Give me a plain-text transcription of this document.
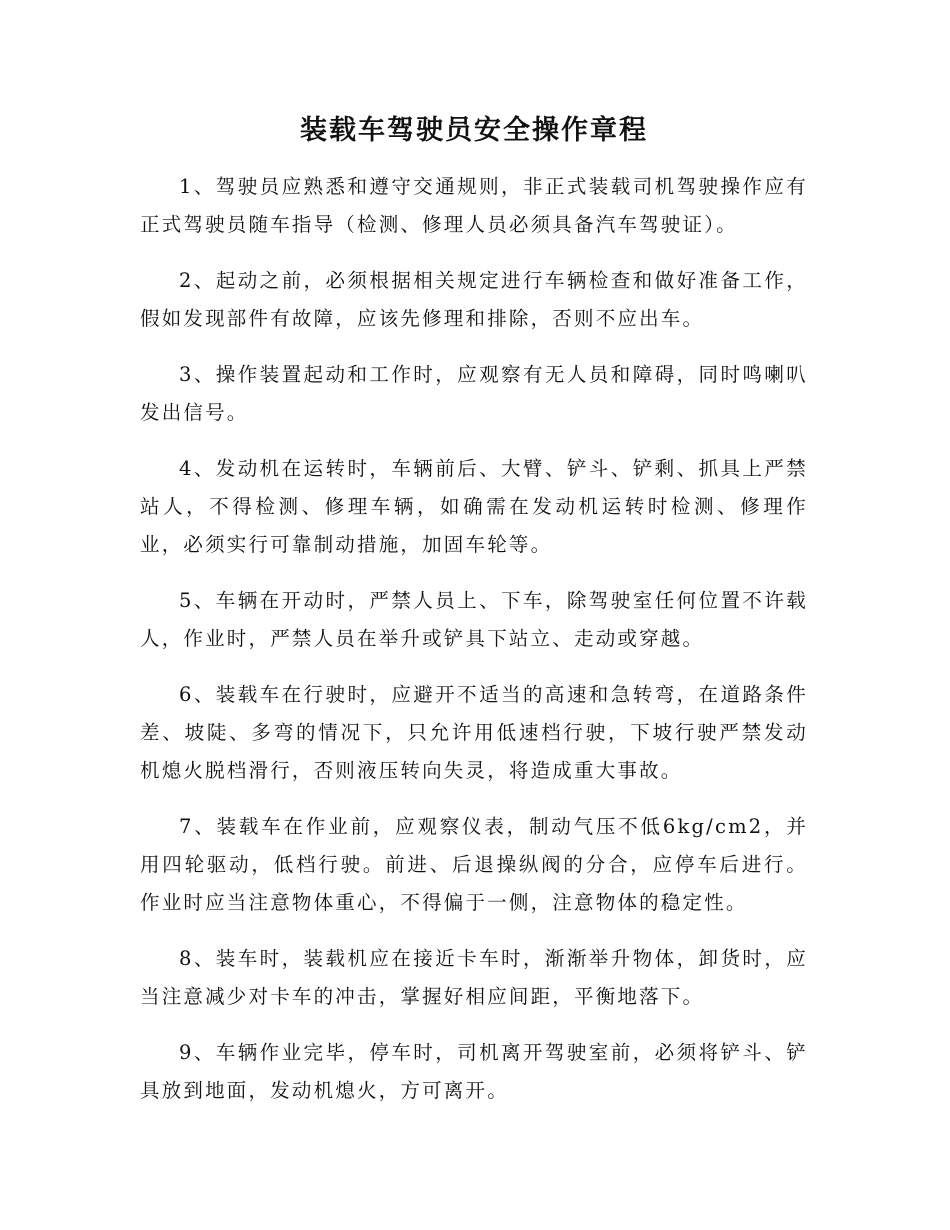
装载车驾驶员安全操作章程

1、驾驶员应熟悉和遵守交通规则，非正式装载司机驾驶操作应有正式驾驶员随车指导（检测、修理人员必须具备汽车驾驶证）。

2、起动之前，必须根据相关规定进行车辆检查和做好准备工作，假如发现部件有故障，应该先修理和排除，否则不应出车。

3、操作装置起动和工作时，应观察有无人员和障碍，同时鸣喇叭发出信号。

4、发动机在运转时，车辆前后、大臂、铲斗、铲剩、抓具上严禁站人，不得检测、修理车辆，如确需在发动机运转时检测、修理作业，必须实行可靠制动措施，加固车轮等。

5、车辆在开动时，严禁人员上、下车，除驾驶室任何位置不许载人，作业时，严禁人员在举升或铲具下站立、走动或穿越。

6、装载车在行驶时，应避开不适当的高速和急转弯，在道路条件差、坡陡、多弯的情况下，只允许用低速档行驶，下坡行驶严禁发动机熄火脱档滑行，否则液压转向失灵，将造成重大事故。

7、装载车在作业前，应观察仪表，制动气压不低6kg/cm2，并用四轮驱动，低档行驶。前进、后退操纵阀的分合，应停车后进行。作业时应当注意物体重心，不得偏于一侧，注意物体的稳定性。

8、装车时，装载机应在接近卡车时，渐渐举升物体，卸货时，应当注意减少对卡车的冲击，掌握好相应间距，平衡地落下。

9、车辆作业完毕，停车时，司机离开驾驶室前，必须将铲斗、铲具放到地面，发动机熄火，方可离开。
